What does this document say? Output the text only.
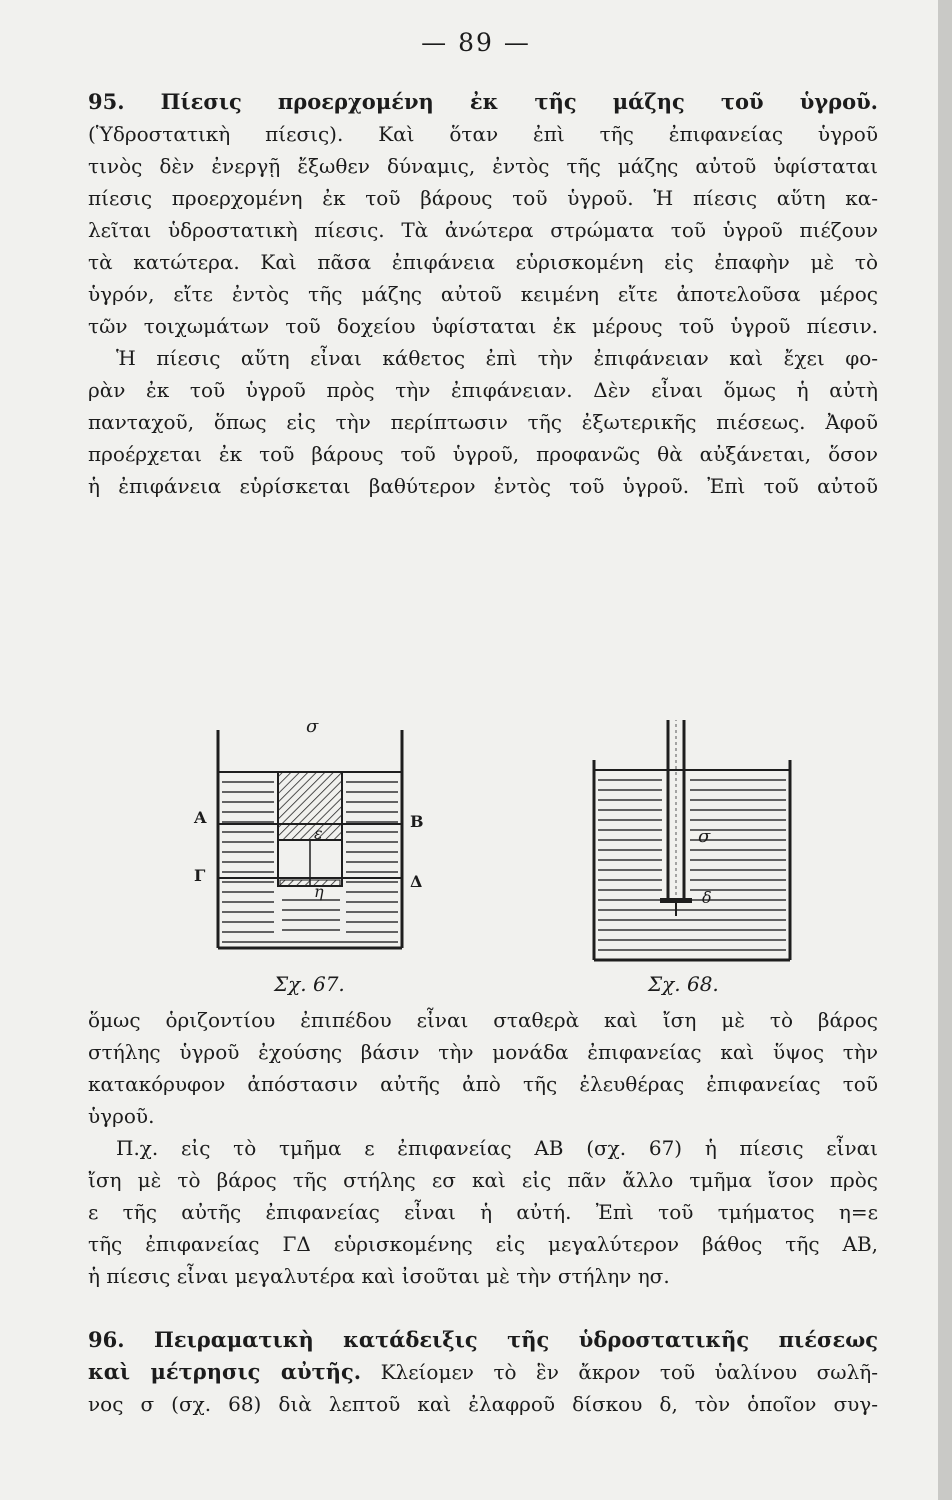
— 89 —
95. Πίεσις προερχομένη ἐκ τῆς μάζης τοῦ ὑγροῦ.
(Ὑδροστατικὴ πίεσις). Καὶ ὅταν ἐπὶ τῆς ἐπιφανείας ὑγροῦ
τινὸς δὲν ἐνεργῇ ἔξωθεν δύναμις, ἐντὸς τῆς μάζης αὐτοῦ ὑφίσταται
πίεσις προερχομένη ἐκ τοῦ βάρους τοῦ ὑγροῦ. Ἡ πίεσις αὕτη κα-
λεῖται ὑδροστατικὴ πίεσις. Τὰ ἀνώτερα στρώματα τοῦ ὑγροῦ πιέζουν
τὰ κατώτερα. Καὶ πᾶσα ἐπιφάνεια εὑρισκομένη εἰς ἐπαφὴν μὲ τὸ
ὑγρόν, εἴτε ἐντὸς τῆς μάζης αὐτοῦ κειμένη εἴτε ἀποτελοῦσα μέρος
τῶν τοιχωμάτων τοῦ δοχείου ὑφίσταται ἐκ μέρους τοῦ ὑγροῦ πίεσιν.
Ἡ πίεσις αὕτη εἶναι κάθετος ἐπὶ τὴν ἐπιφάνειαν καὶ ἔχει φο-
ρὰν ἐκ τοῦ ὑγροῦ πρὸς τὴν ἐπιφάνειαν. Δὲν εἶναι ὅμως ἡ αὐτὴ
πανταχοῦ, ὅπως εἰς τὴν περίπτωσιν τῆς ἐξωτερικῆς πιέσεως. Ἀφοῦ
προέρχεται ἐκ τοῦ βάρους τοῦ ὑγροῦ, προφανῶς θὰ αὐξάνεται, ὅσον
ἡ ἐπιφάνεια εὑρίσκεται βαθύτερον ἐντὸς τοῦ ὑγροῦ. Ἐπὶ τοῦ αὐτοῦ
σ
Α	Β
Γ	Δ
ε
η
σ
δ
Σχ. 67.	Σχ. 68.
ὅμως ὁριζοντίου ἐπιπέδου εἶναι σταθερὰ καὶ ἴση μὲ τὸ βάρος
στήλης ὑγροῦ ἐχούσης βάσιν τὴν μονάδα ἐπιφανείας καὶ ὕψος τὴν
κατακόρυφον ἀπόστασιν αὐτῆς ἀπὸ τῆς ἐλευθέρας ἐπιφανείας τοῦ
ὑγροῦ.
Π.χ. εἰς τὸ τμῆμα ε ἐπιφανείας ΑΒ (σχ. 67) ἡ πίεσις εἶναι
ἴση μὲ τὸ βάρος τῆς στήλης εσ καὶ εἰς πᾶν ἄλλο τμῆμα ἴσον πρὸς
ε τῆς αὐτῆς ἐπιφανείας εἶναι ἡ αὐτή. Ἐπὶ τοῦ τμήματος η=ε
τῆς ἐπιφανείας ΓΔ εὑρισκομένης εἰς μεγαλύτερον βάθος τῆς ΑΒ,
ἡ πίεσις εἶναι μεγαλυτέρα καὶ ἰσοῦται μὲ τὴν στήλην ησ.
96. Πειραματικὴ κατάδειξις τῆς ὑδροστατικῆς πιέσεως
καὶ μέτρησις αὐτῆς. Κλείομεν τὸ ἓν ἄκρον τοῦ ὑαλίνου σωλῆ-
νος σ (σχ. 68) διὰ λεπτοῦ καὶ ἐλαφροῦ δίσκου δ, τὸν ὁποῖον συγ-
